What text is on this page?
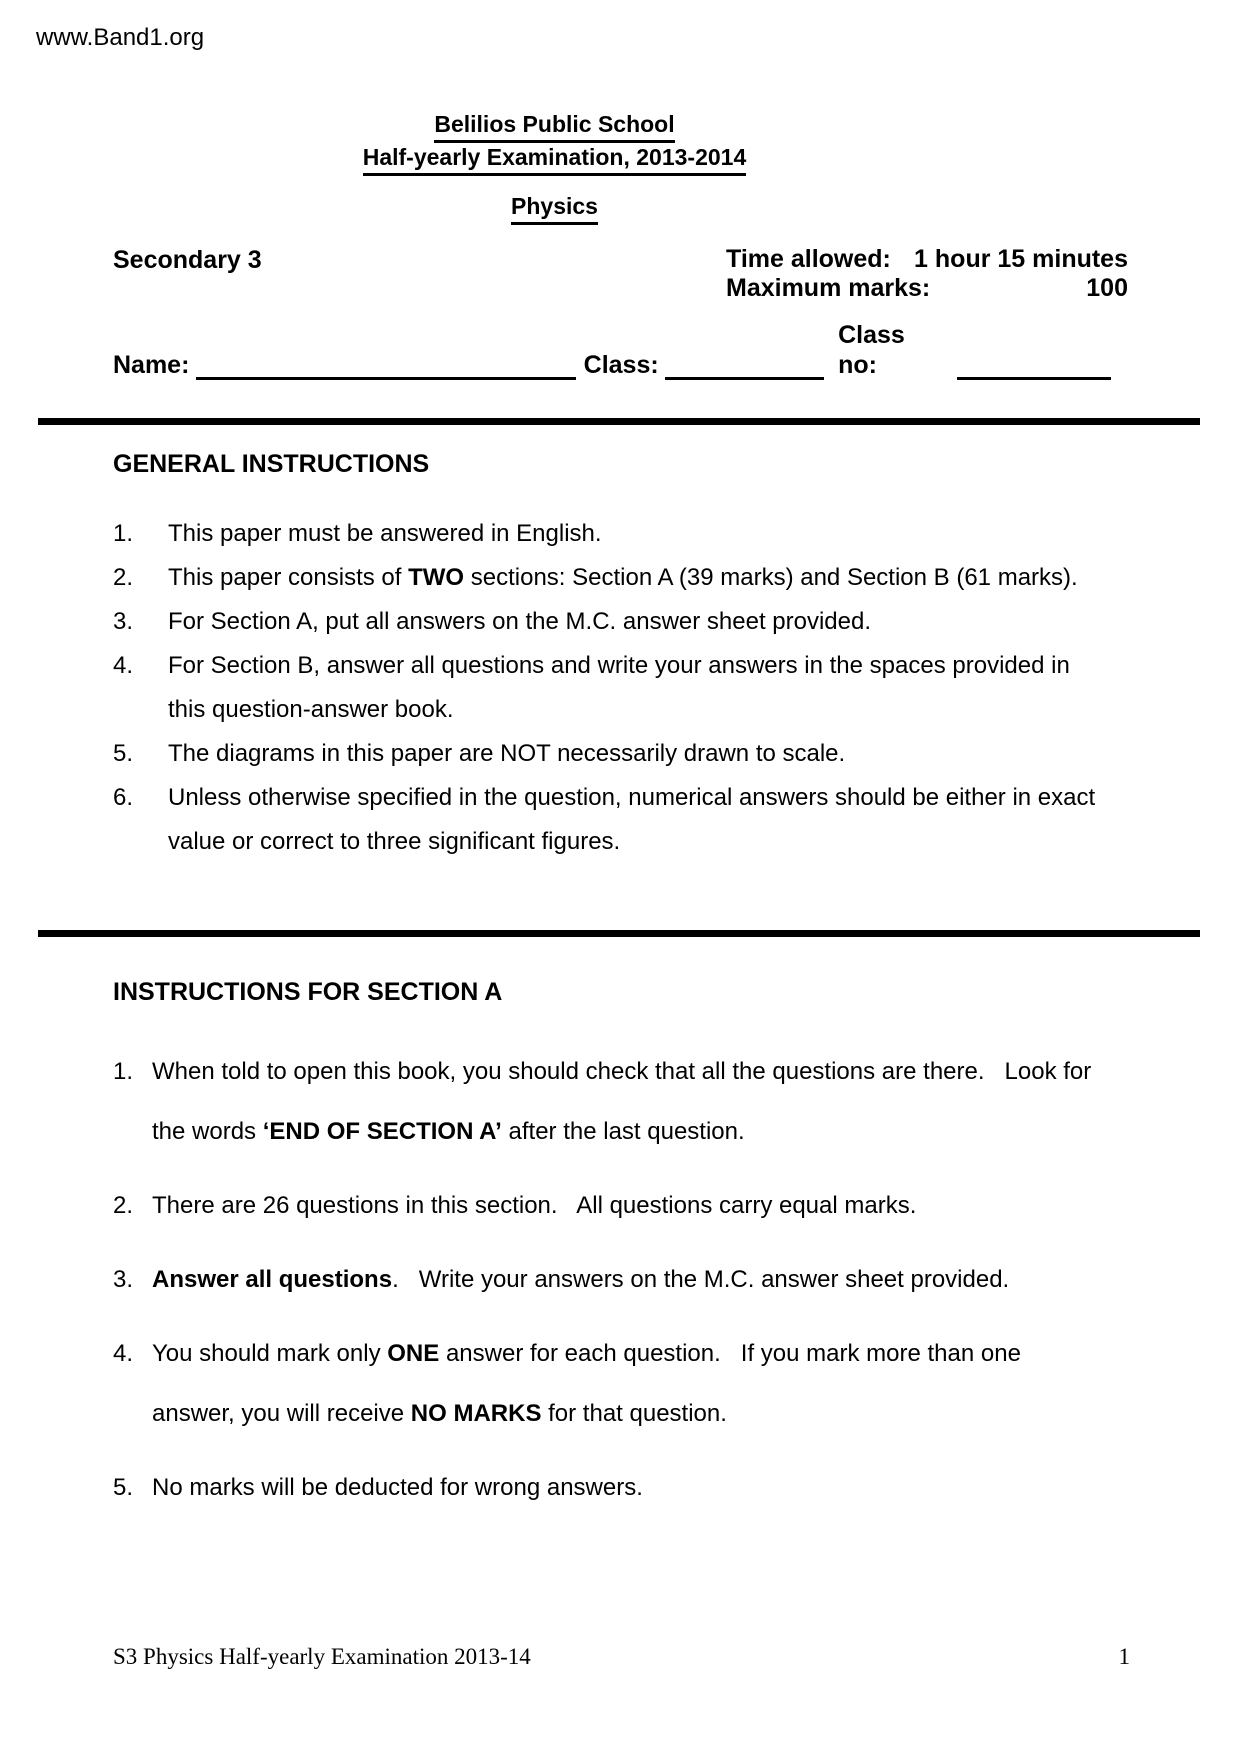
www.Band1.org
Belilios Public School
Half-yearly Examination, 2013-2014
Physics
Secondary 3	Time allowed: 1 hour 15 minutes
Maximum marks:	100
Name:	Class:
Class no:
GENERAL INSTRUCTIONS
1.	This paper must be answered in English.
2.	This paper consists of TWO sections: Section A (39 marks) and Section B (61 marks).
3.	For Section A, put all answers on the M.C. answer sheet provided.
4.	For Section B, answer all questions and write your answers in the spaces provided in
this question-answer book.
5.	The diagrams in this paper are NOT necessarily drawn to scale.
6.	Unless otherwise specified in the question, numerical answers should be either in exact
value or correct to three significant figures.
INSTRUCTIONS FOR SECTION A
1. When told to open this book, you should check that all the questions are there.   Look for
the words ‘END OF SECTION A’ after the last question.
2. There are 26 questions in this section.   All questions carry equal marks.
3. Answer all questions.   Write your answers on the M.C. answer sheet provided.
4. You should mark only ONE answer for each question.   If you mark more than one
answer, you will receive NO MARKS for that question.
5. No marks will be deducted for wrong answers.
S3 Physics Half-yearly Examination 2013-14	1
